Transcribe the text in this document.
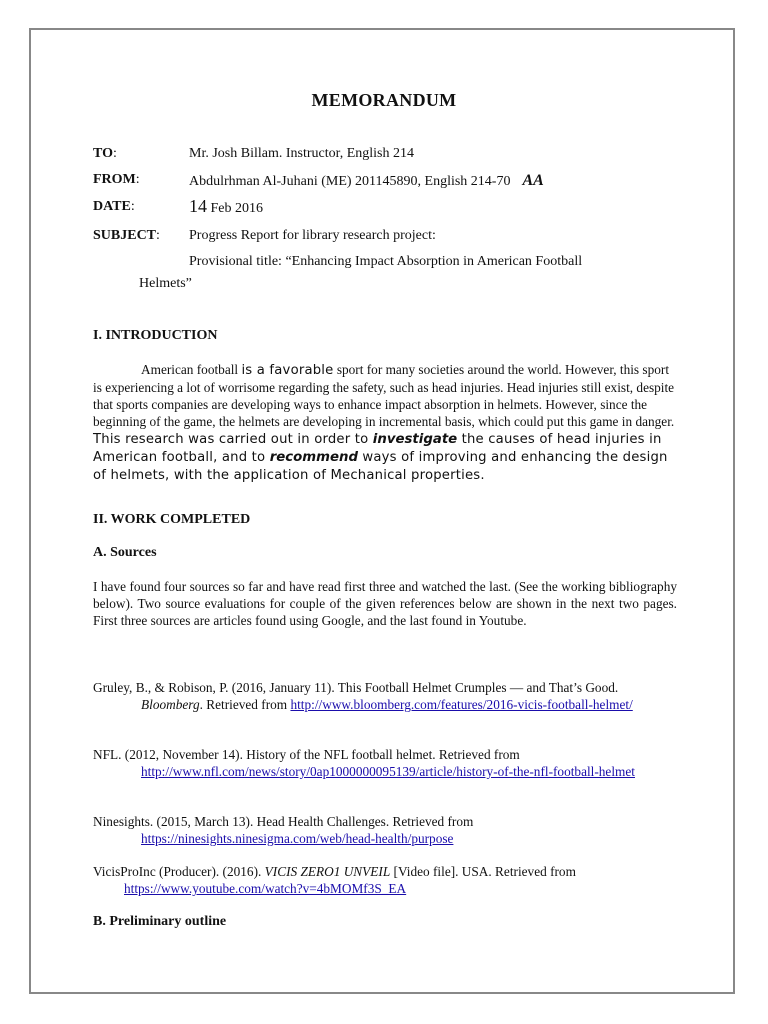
MEMORANDUM
TO:	Mr. Josh Billam. Instructor, English 214
FROM:	Abdulrhman Al-Juhani (ME) 201145890, English 214-70 AA
DATE:	14 Feb 2016
SUBJECT: Progress Report for library research project:
Provisional title: “Enhancing Impact Absorption in American Football
Helmets”
I. INTRODUCTION
American football is a favorable sport for many societies around the world. However, this sport is experiencing a lot of worrisome regarding the safety, such as head injuries. Head injuries still exist, despite that sports companies are developing ways to enhance impact absorption in helmets. However, since the beginning of the game, the helmets are developing in incremental basis, which could put this game in danger. This research was carried out in order to investigate the causes of head injuries in American football, and to recommend ways of improving and enhancing the design of helmets, with the application of Mechanical properties.
II. WORK COMPLETED
A. Sources
I have found four sources so far and have read first three and watched the last. (See the working bibliography below). Two source evaluations for couple of the given references below are shown in the next two pages. First three sources are articles found using Google, and the last found in Youtube.
Gruley, B., & Robison, P. (2016, January 11). This Football Helmet Crumples — and That’s Good. Bloomberg. Retrieved from http://www.bloomberg.com/features/2016-vicis-football-helmet/
NFL. (2012, November 14). History of the NFL football helmet. Retrieved from http://www.nfl.com/news/story/0ap1000000095139/article/history-of-the-nfl-football-helmet
Ninesights. (2015, March 13). Head Health Challenges. Retrieved from https://ninesights.ninesigma.com/web/head-health/purpose
VicisProInc (Producer). (2016). VICIS ZERO1 UNVEIL [Video file]. USA. Retrieved from https://www.youtube.com/watch?v=4bMOMf3S_EA
B. Preliminary outline
